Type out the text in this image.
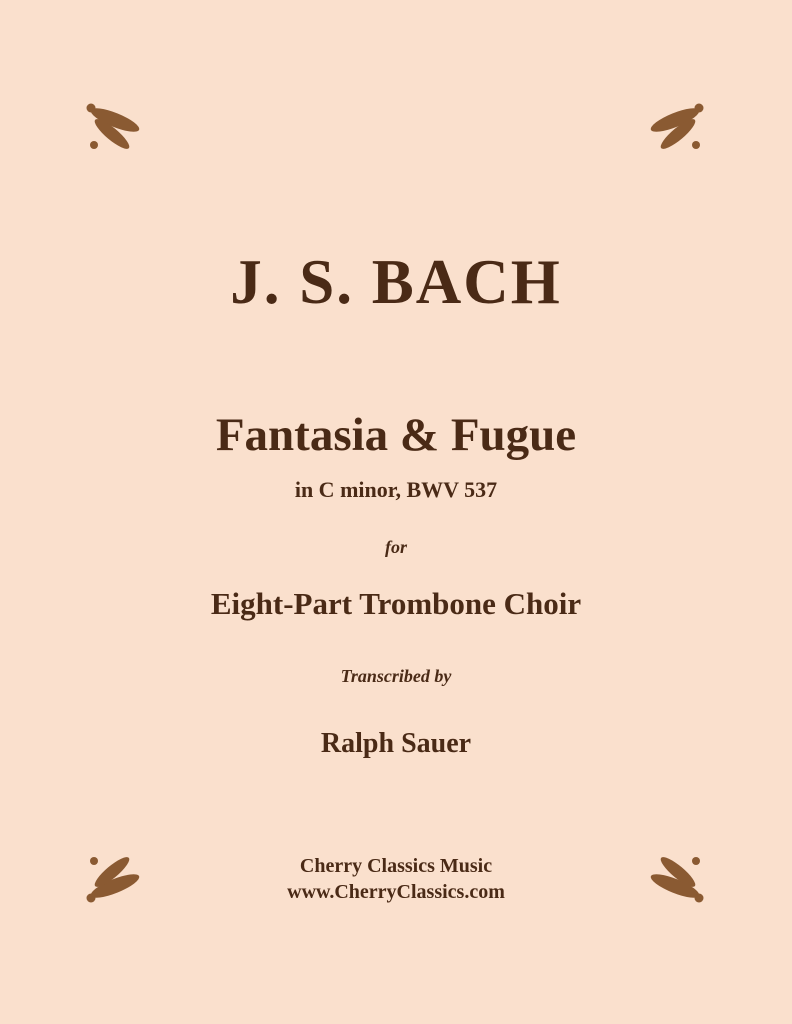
J. S. BACH
Fantasia & Fugue
in C minor, BWV 537
for
Eight-Part Trombone Choir
Transcribed by
Ralph Sauer
Cherry Classics Music
www.CherryClassics.com
